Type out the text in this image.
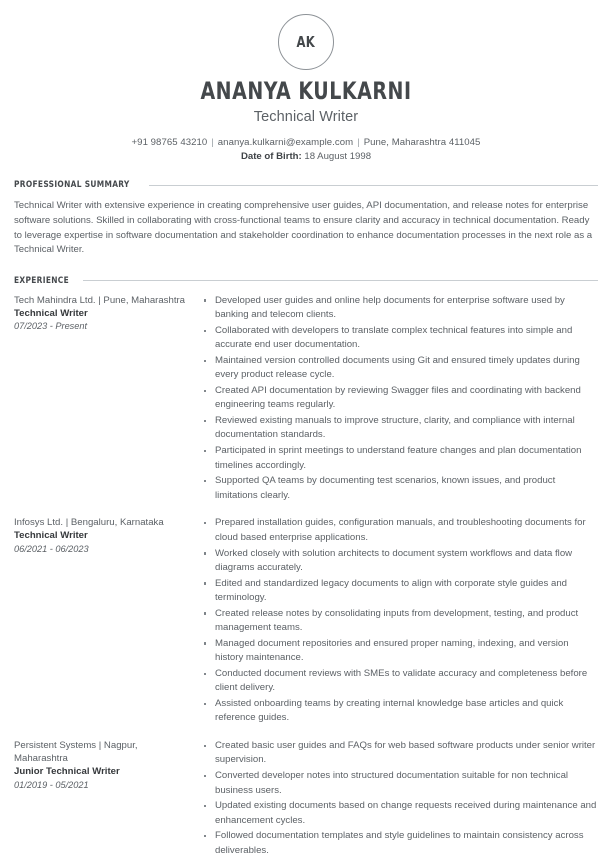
AK
ANANYA KULKARNI
Technical Writer
+91 98765 43210 | ananya.kulkarni@example.com | Pune, Maharashtra 411045
Date of Birth: 18 August 1998
PROFESSIONAL SUMMARY
Technical Writer with extensive experience in creating comprehensive user guides, API documentation, and release notes for enterprise software solutions. Skilled in collaborating with cross-functional teams to ensure clarity and accuracy in technical documentation. Ready to leverage expertise in software documentation and stakeholder coordination to enhance documentation processes in the next role as a Technical Writer.
EXPERIENCE
Tech Mahindra Ltd. | Pune, Maharashtra
Technical Writer
07/2023 - Present
Developed user guides and online help documents for enterprise software used by banking and telecom clients.
Collaborated with developers to translate complex technical features into simple and accurate end user documentation.
Maintained version controlled documents using Git and ensured timely updates during every product release cycle.
Created API documentation by reviewing Swagger files and coordinating with backend engineering teams regularly.
Reviewed existing manuals to improve structure, clarity, and compliance with internal documentation standards.
Participated in sprint meetings to understand feature changes and plan documentation timelines accordingly.
Supported QA teams by documenting test scenarios, known issues, and product limitations clearly.
Infosys Ltd. | Bengaluru, Karnataka
Technical Writer
06/2021 - 06/2023
Prepared installation guides, configuration manuals, and troubleshooting documents for cloud based enterprise applications.
Worked closely with solution architects to document system workflows and data flow diagrams accurately.
Edited and standardized legacy documents to align with corporate style guides and terminology.
Created release notes by consolidating inputs from development, testing, and product management teams.
Managed document repositories and ensured proper naming, indexing, and version history maintenance.
Conducted document reviews with SMEs to validate accuracy and completeness before client delivery.
Assisted onboarding teams by creating internal knowledge base articles and quick reference guides.
Persistent Systems | Nagpur, Maharashtra
Junior Technical Writer
01/2019 - 05/2021
Created basic user guides and FAQs for web based software products under senior writer supervision.
Converted developer notes into structured documentation suitable for non technical business users.
Updated existing documents based on change requests received during maintenance and enhancement cycles.
Followed documentation templates and style guidelines to maintain consistency across deliverables.
